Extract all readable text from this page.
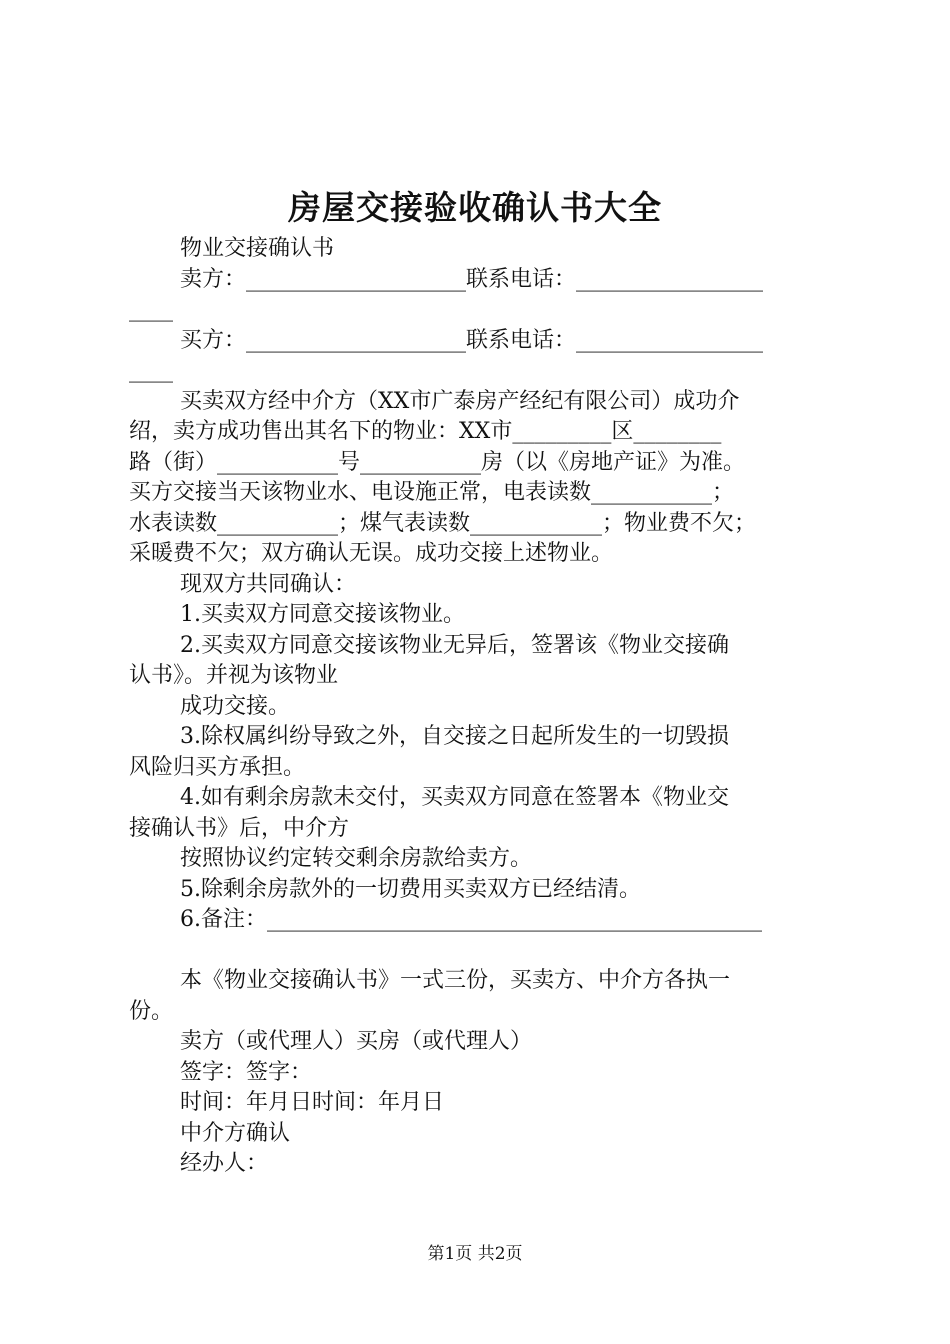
房屋交接验收确认书大全
物业交接确认书
卖方：____________________联系电话：_________________
____
买方：____________________联系电话：_________________
____
买卖双方经中介方（XX市广泰房产经纪有限公司）成功介
绍，卖方成功售出其名下的物业：XX市_________区________
路（街）___________号___________房（以《房地产证》为准。
买方交接当天该物业水、电设施正常，电表读数___________；
水表读数___________；煤气表读数____________；物业费不欠；
采暖费不欠；双方确认无误。成功交接上述物业。
现双方共同确认：
1.买卖双方同意交接该物业。
2.买卖双方同意交接该物业无异后，签署该《物业交接确
认书》。并视为该物业
成功交接。
3.除权属纠纷导致之外，自交接之日起所发生的一切毁损
风险归买方承担。
4.如有剩余房款未交付，买卖双方同意在签署本《物业交
接确认书》后，中介方
按照协议约定转交剩余房款给卖方。
5.除剩余房款外的一切费用买卖双方已经结清。
6.备注：_____________________________________________
本《物业交接确认书》一式三份，买卖方、中介方各执一
份。
卖方（或代理人）买房（或代理人）
签字：签字：
时间：年月日时间：年月日
中介方确认
经办人：
第1页 共2页
